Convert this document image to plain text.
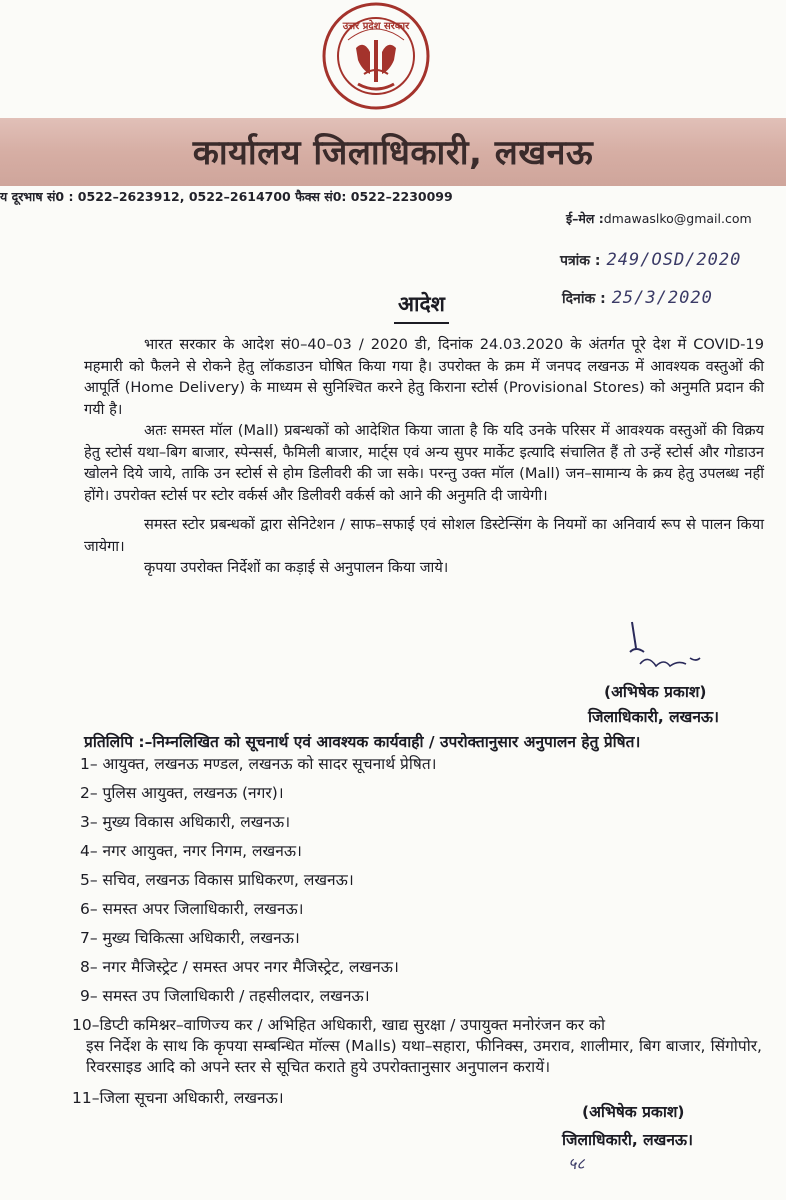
उत्तर प्रदेश सरकार
कार्यालय जिलाधिकारी, लखनऊ
य दूरभाष सं0 : 0522–2623912, 0522–2614700 फैक्स सं0: 0522–2230099
ई–मेल :dmawaslko@gmail.com
पत्रांक : 249/OSD/2020
दिनांक : 25/3/2020
आदेश

भारत सरकार के आदेश सं0–40–03 / 2020 डी, दिनांक 24.03.2020 के अंतर्गत पूरे देश में COVID-19 महमारी को फैलने से रोकने हेतु लॉकडाउन घोषित किया गया है। उपरोक्त के क्रम में जनपद लखनऊ में आवश्यक वस्तुओं की आपूर्ति (Home Delivery) के माध्यम से सुनिश्चित करने हेतु किराना स्टोर्स (Provisional Stores) को अनुमति प्रदान की गयी है।

अतः समस्त मॉल (Mall) प्रबन्धकों को आदेशित किया जाता है कि यदि उनके परिसर में आवश्यक वस्तुओं की विक्रय हेतु स्टोर्स यथा–बिग बाजार, स्पेन्सर्स, फैमिली बाजार, मार्ट्स एवं अन्य सुपर मार्केट इत्यादि संचालित हैं तो उन्हें स्टोर्स और गोडाउन खोलने दिये जाये, ताकि उन स्टोर्स से होम डिलीवरी की जा सके। परन्तु उक्त मॉल (Mall) जन–सामान्य के क्रय हेतु उपलब्ध नहीं होंगे। उपरोक्त स्टोर्स पर स्टोर वर्कर्स और डिलीवरी वर्कर्स को आने की अनुमति दी जायेगी।

समस्त स्टोर प्रबन्धकों द्वारा सेनिटेशन / साफ–सफाई एवं सोशल डिस्टेन्सिंग के नियमों का अनिवार्य रूप से पालन किया जायेगा।

कृपया उपरोक्त निर्देशों का कड़ाई से अनुपालन किया जाये।

(अभिषेक प्रकाश)
जिलाधिकारी, लखनऊ।
प्रतिलिपि :–निम्नलिखित को सूचनार्थ एवं आवश्यक कार्यवाही / उपरोक्तानुसार अनुपालन हेतु प्रेषित।
1– आयुक्त, लखनऊ मण्डल, लखनऊ को सादर सूचनार्थ प्रेषित।
2– पुलिस आयुक्त, लखनऊ (नगर)।
3– मुख्य विकास अधिकारी, लखनऊ।
4– नगर आयुक्त, नगर निगम, लखनऊ।
5– सचिव, लखनऊ विकास प्राधिकरण, लखनऊ।
6– समस्त अपर जिलाधिकारी, लखनऊ।
7– मुख्य चिकित्सा अधिकारी, लखनऊ।
8– नगर मैजिस्ट्रेट / समस्त अपर नगर मैजिस्ट्रेट, लखनऊ।
9– समस्त उप जिलाधिकारी / तहसीलदार, लखनऊ।
10–डिप्टी कमिश्नर–वाणिज्य कर / अभिहित अधिकारी, खाद्य सुरक्षा / उपायुक्त मनोरंजन कर को
इस निर्देश के साथ कि कृपया सम्बन्धित मॉल्स (Malls) यथा–सहारा, फीनिक्स, उमराव, शालीमार, बिग बाजार, सिंगोपोर, रिवरसाइड आदि को अपने स्तर से सूचित कराते हुये उपरोक्तानुसार अनुपालन करायें।
11–जिला सूचना अधिकारी, लखनऊ।
(अभिषेक प्रकाश)
जिलाधिकारी, लखनऊ।
५८
